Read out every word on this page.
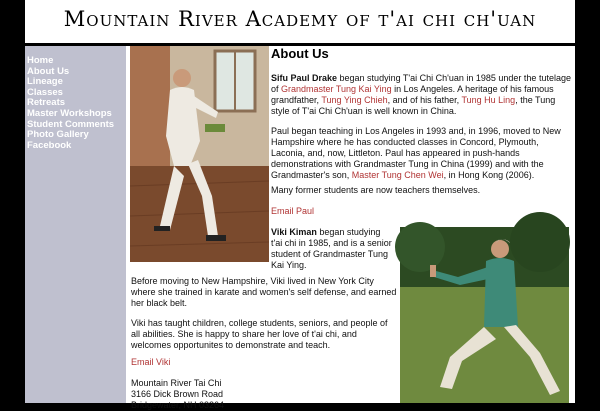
Mountain River Academy of t'ai chi ch'uan
Home
About Us
Lineage
Classes
Retreats
Master Workshops
Student Comments
Photo Gallery
Facebook
About Us

Sifu Paul Drake began studying T'ai Chi Ch'uan in 1985 under the tutelage of Grandmaster Tung Kai Ying in Los Angeles. A heritage of his famous grandfather, Tung Ying Chieh, and of his father, Tung Hu Ling, the Tung style of T'ai Chi Ch'uan is well known in China.

Paul began teaching in Los Angeles in 1993 and, in 1996, moved to New Hampshire where he has conducted classes in Concord, Plymouth, Laconia, and, now, Littleton. Paul has appeared in push-hands demonstrations with Grandmaster Tung in China (1999) and with the Grandmaster's son, Master Tung Chen Wei, in Hong Kong (2006).

Many former students are now teachers themselves.

Email Paul

Viki Kiman began studying t'ai chi in 1985, and is a senior student of Grandmaster Tung Kai Ying.

Before moving to New Hampshire, Viki lived in New York City where she trained in karate and women's self defense, and earned her black belt.

Viki has taught children, college students, seniors, and people of all abilities. She is happy to share her love of t'ai chi, and welcomes opportunites to demonstrate and teach.

Email Viki

Mountain River Tai Chi
3166 Dick Brown Road
Bridgewater, NH 03264
